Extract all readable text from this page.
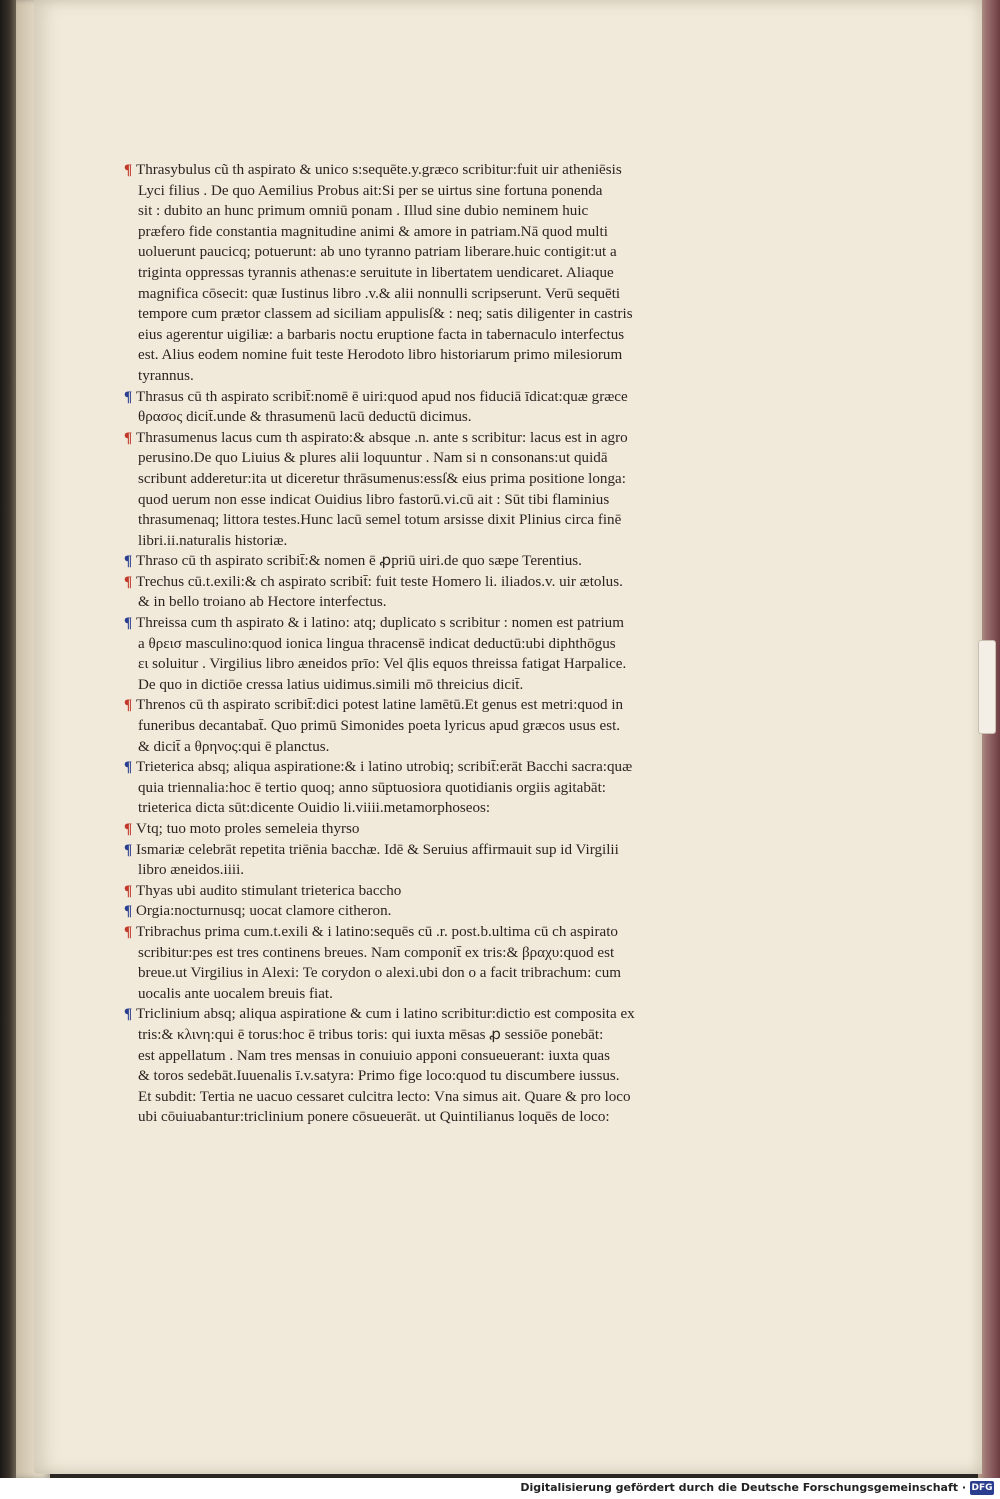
¶ Thrasybulus cũ th aspirato & unico s:sequēte.y.græco scribitur:fuit uir atheniēsis
Lyci filius . De quo Aemilius Probus ait:Si per se uirtus sine fortuna ponenda
sit : dubito an hunc primum omniū ponam . Illud sine dubio neminem huic
præfero fide constantia magnitudine animi & amore in patriam.Nā quod multi
uoluerunt paucicq; potuerunt: ab uno tyranno patriam liberare.huic contigit:ut a
triginta oppressas tyrannis athenas:e seruitute in libertatem uendicaret. Aliaque
magnifica cōsecit: quæ Iustinus libro .v.& alii nonnulli scripserunt. Verū sequēti
tempore cum prætor classem ad siciliam appulisſ& : neq; satis diligenter in castris
eius agerentur uigiliæ: a barbaris noctu eruptione facta in tabernaculo interfectus
est. Alius eodem nomine fuit teste Herodoto libro historiarum primo milesiorum
tyrannus.
¶ Thrasus cū th aspirato scribit̄:nomē ē uiri:quod apud nos fiduciā īdicat:quæ græce
θρασος dicit̄.unde & thrasumenū lacū deductū dicimus.
¶ Thrasumenus lacus cum th aspirato:& absque .n. ante s scribitur: lacus est in agro
perusino.De quo Liuius & plures alii loquuntur . Nam si n consonans:ut quidā
scribunt adderetur:ita ut diceretur thrāsumenus:essſ& eius prima positione longa:
quod uerum non esse indicat Ouidius libro fastorū.vi.cū ait : Sūt tibi flaminius
thrasumenaq; littora testes.Hunc lacū semel totum arsisse dixit Plinius circa finē
libri.ii.naturalis historiæ.
¶ Thraso cū th aspirato scribit̄:& nomen ē ꝓpriū uiri.de quo sæpe Terentius.
¶ Trechus cū.t.exili:& ch aspirato scribit̄: fuit teste Homero li. iliados.v. uir ætolus.
& in bello troiano ab Hectore interfectus.
¶ Threissa cum th aspirato & i latino: atq; duplicato s scribitur : nomen est patrium
a θρεισ masculino:quod ionica lingua thracensē indicat deductū:ubi diphthōgus
ει soluitur . Virgilius libro æneidos prīo: Vel q̄lis equos threissa fatigat Harpalice.
De quo in dictiōe cressa latius uidimus.simili mō threicius dicit̄.
¶ Threnos cū th aspirato scribit̄:dici potest latine lamētū.Et genus est metri:quod in
funeribus decantabat̄. Quo primū Simonides poeta lyricus apud græcos usus est.
& dicit̄ a θρηνος:qui ē planctus.
¶ Trieterica absq; aliqua aspiratione:& i latino utrobiq; scribit̄:erāt Bacchi sacra:quæ
quia triennalia:hoc ē tertio quoq; anno sūptuosiora quotidianis orgiis agitabāt:
trieterica dicta sūt:dicente Ouidio li.viiii.metamorphoseos:
¶ Vtq; tuo moto proles semeleia thyrso
¶ Ismariæ celebrāt repetita triēnia bacchæ. Idē & Seruius affirmauit sup id Virgilii
libro æneidos.iiii.
¶ Thyas ubi audito stimulant trieterica baccho
¶ Orgia:nocturnusq; uocat clamore citheron.
¶ Tribrachus prima cum.t.exili & i latino:sequēs cū .r. post.b.ultima cū ch aspirato
scribitur:pes est tres continens breues. Nam componit̄ ex tris:& βραχυ:quod est
breue.ut Virgilius in Alexi: Te corydon o alexi.ubi don o a facit tribrachum: cum
uocalis ante uocalem breuis fiat.
¶ Triclinium absq; aliqua aspiratione & cum i latino scribitur:dictio est composita ex
tris:& κλινη:qui ē torus:hoc ē tribus toris: qui iuxta mēsas ꝓ sessiōe ponebāt:
est appellatum . Nam tres mensas in conuiuio apponi consueuerant: iuxta quas
& toros sedebāt.Iuuenalis ī.v.satyra: Primo fige loco:quod tu discumbere iussus.
Et subdit: Tertia ne uacuo cessaret culcitra lecto: Vna simus ait. Quare & pro loco
ubi cōuiuabantur:triclinium ponere cōsueuerāt. ut Quintilianus loquēs de loco:
Digitalisierung gefördert durch die Deutsche Forschungsgemeinschaft · DFG
